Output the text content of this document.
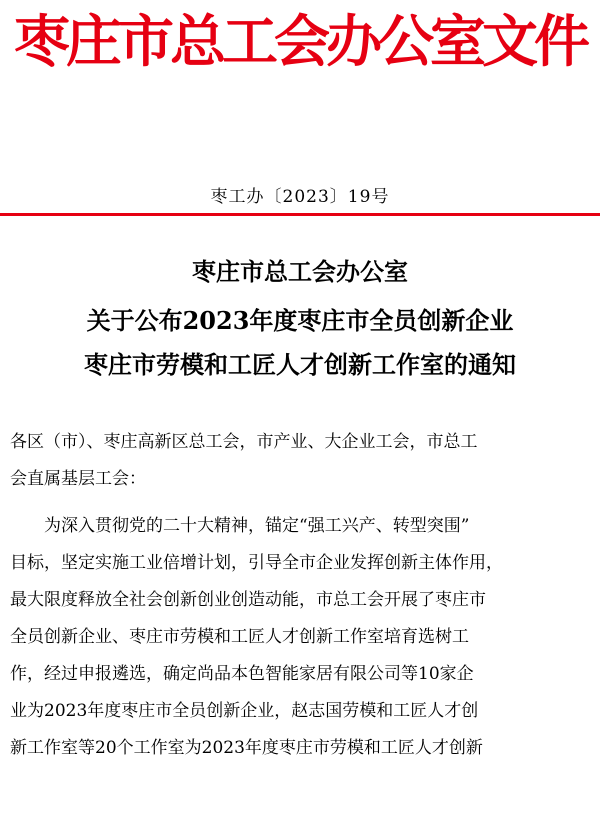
枣庄市总工会办公室文件
枣工办〔2023〕19号
枣庄市总工会办公室
关于公布2023年度枣庄市全员创新企业
枣庄市劳模和工匠人才创新工作室的通知
各区（市）、枣庄高新区总工会，市产业、大企业工会，市总工
会直属基层工会：
　　为深入贯彻党的二十大精神，锚定“强工兴产、转型突围”
目标，坚定实施工业倍增计划，引导全市企业发挥创新主体作用，
最大限度释放全社会创新创业创造动能，市总工会开展了枣庄市
全员创新企业、枣庄市劳模和工匠人才创新工作室培育选树工
作，经过申报遴选，确定尚品本色智能家居有限公司等10家企
业为2023年度枣庄市全员创新企业，赵志国劳模和工匠人才创
新工作室等20个工作室为2023年度枣庄市劳模和工匠人才创新
